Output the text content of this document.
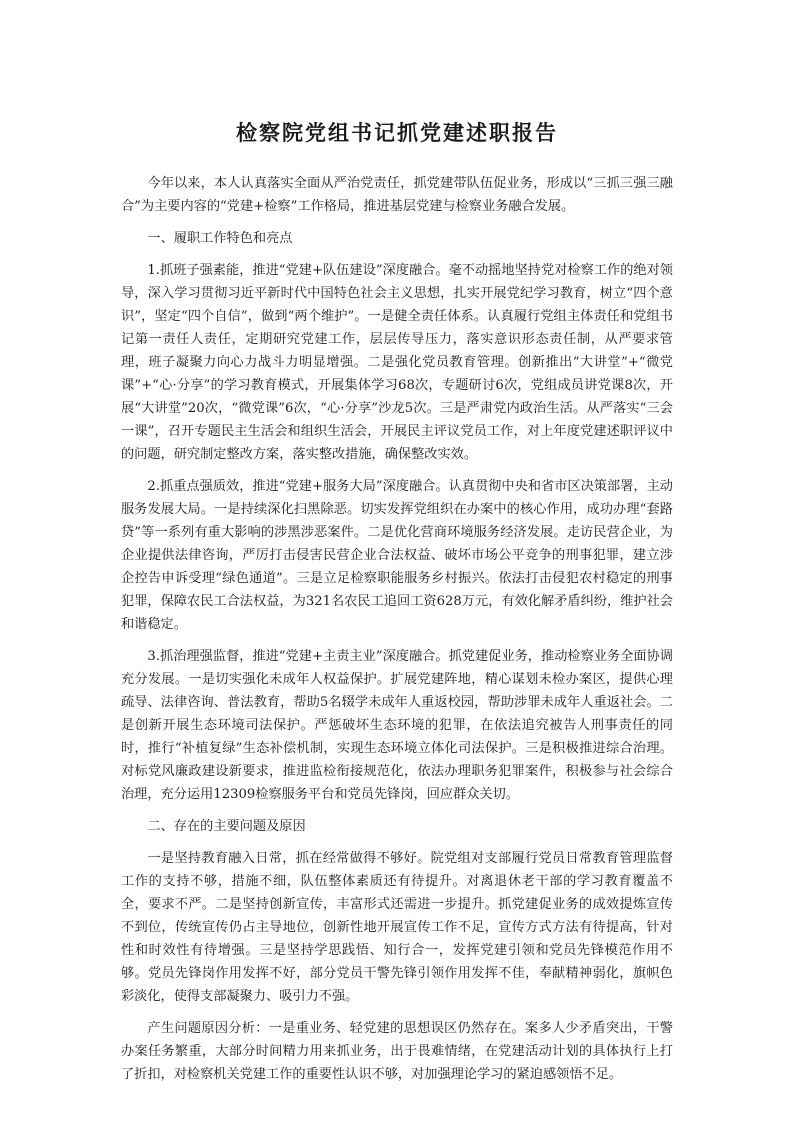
检察院党组书记抓党建述职报告

今年以来，本人认真落实全面从严治党责任，抓党建带队伍促业务，形成以“三抓三强三融合”为主要内容的“党建+检察”工作格局，推进基层党建与检察业务融合发展。

一、履职工作特色和亮点

1.抓班子强素能，推进“党建+队伍建设”深度融合。毫不动摇地坚持党对检察工作的绝对领导，深入学习贯彻习近平新时代中国特色社会主义思想，扎实开展党纪学习教育，树立“四个意识”，坚定“四个自信”，做到“两个维护”。一是健全责任体系。认真履行党组主体责任和党组书记第一责任人责任，定期研究党建工作，层层传导压力，落实意识形态责任制，从严要求管理，班子凝聚力向心力战斗力明显增强。二是强化党员教育管理。创新推出“大讲堂”+“微党课”+“心·分享”的学习教育模式，开展集体学习68次，专题研讨6次，党组成员讲党课8次，开展“大讲堂”20次，“微党课”6次，“心·分享”沙龙5次。三是严肃党内政治生活。从严落实“三会一课”，召开专题民主生活会和组织生活会，开展民主评议党员工作，对上年度党建述职评议中的问题，研究制定整改方案，落实整改措施，确保整改实效。

2.抓重点强质效，推进“党建+服务大局”深度融合。认真贯彻中央和省市区决策部署，主动服务发展大局。一是持续深化扫黑除恶。切实发挥党组织在办案中的核心作用，成功办理“套路贷”等一系列有重大影响的涉黑涉恶案件。二是优化营商环境服务经济发展。走访民营企业，为企业提供法律咨询，严厉打击侵害民营企业合法权益、破坏市场公平竞争的刑事犯罪，建立涉企控告申诉受理“绿色通道”。三是立足检察职能服务乡村振兴。依法打击侵犯农村稳定的刑事犯罪，保障农民工合法权益，为321名农民工追回工资628万元，有效化解矛盾纠纷，维护社会和谐稳定。

3.抓治理强监督，推进“党建+主责主业”深度融合。抓党建促业务，推动检察业务全面协调充分发展。一是切实强化未成年人权益保护。扩展党建阵地，精心谋划未检办案区，提供心理疏导、法律咨询、普法教育，帮助5名辍学未成年人重返校园，帮助涉罪未成年人重返社会。二是创新开展生态环境司法保护。严惩破坏生态环境的犯罪，在依法追究被告人刑事责任的同时，推行“补植复绿”生态补偿机制，实现生态环境立体化司法保护。三是积极推进综合治理。对标党风廉政建设新要求，推进监检衔接规范化，依法办理职务犯罪案件，积极参与社会综合治理，充分运用12309检察服务平台和党员先锋岗，回应群众关切。

二、存在的主要问题及原因

一是坚持教育融入日常，抓在经常做得不够好。院党组对支部履行党员日常教育管理监督工作的支持不够，措施不细，队伍整体素质还有待提升。对离退休老干部的学习教育覆盖不全，要求不严。二是坚持创新宣传，丰富形式还需进一步提升。抓党建促业务的成效提炼宣传不到位，传统宣传仍占主导地位，创新性地开展宣传工作不足，宣传方式方法有待提高，针对性和时效性有待增强。三是坚持学思践悟、知行合一，发挥党建引领和党员先锋模范作用不够。党员先锋岗作用发挥不好，部分党员干警先锋引领作用发挥不佳，奉献精神弱化，旗帜色彩淡化，使得支部凝聚力、吸引力不强。

产生问题原因分析：一是重业务、轻党建的思想误区仍然存在。案多人少矛盾突出，干警办案任务繁重，大部分时间精力用来抓业务，出于畏难情绪，在党建活动计划的具体执行上打了折扣，对检察机关党建工作的重要性认识不够，对加强理论学习的紧迫感领悟不足。
